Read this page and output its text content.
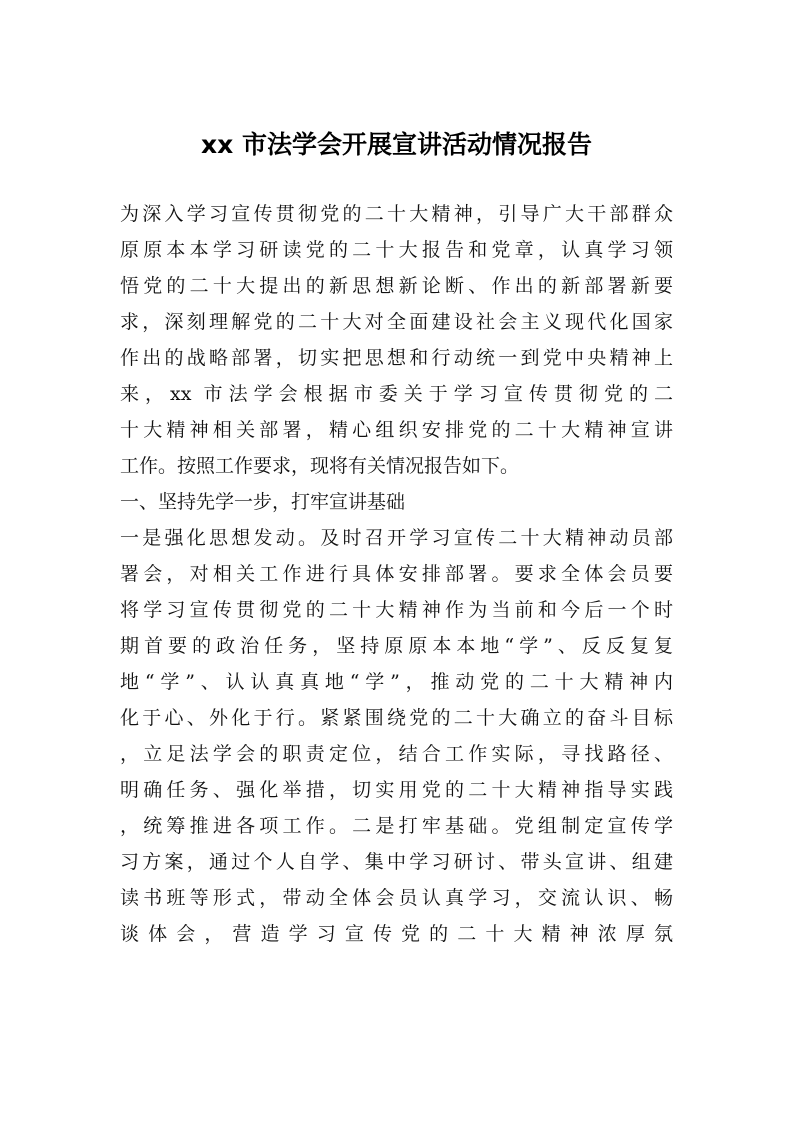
xx 市法学会开展宣讲活动情况报告

为深入学习宣传贯彻党的二十大精神，引导广大干部群众
原原本本学习研读党的二十大报告和党章，认真学习领
悟党的二十大提出的新思想新论断、作出的新部署新要
求，深刻理解党的二十大对全面建设社会主义现代化国家
作出的战略部署，切实把思想和行动统一到党中央精神上
来，xx 市法学会根据市委关于学习宣传贯彻党的二
十大精神相关部署，精心组织安排党的二十大精神宣讲
工作。按照工作要求，现将有关情况报告如下。

一、坚持先学一步，打牢宣讲基础

一是强化思想发动。及时召开学习宣传二十大精神动员部
署会，对相关工作进行具体安排部署。要求全体会员要
将学习宣传贯彻党的二十大精神作为当前和今后一个时
期首要的政治任务，坚持原原本本地“学”、反反复复
地“学”、认认真真地“学”，推动党的二十大精神内
化于心、外化于行。紧紧围绕党的二十大确立的奋斗目标
，立足法学会的职责定位，结合工作实际，寻找路径、
明确任务、强化举措，切实用党的二十大精神指导实践
，统筹推进各项工作。二是打牢基础。党组制定宣传学
习方案，通过个人自学、集中学习研讨、带头宣讲、组建
读书班等形式，带动全体会员认真学习，交流认识、畅
谈体会，营造学习宣传党的二十大精神浓厚氛
